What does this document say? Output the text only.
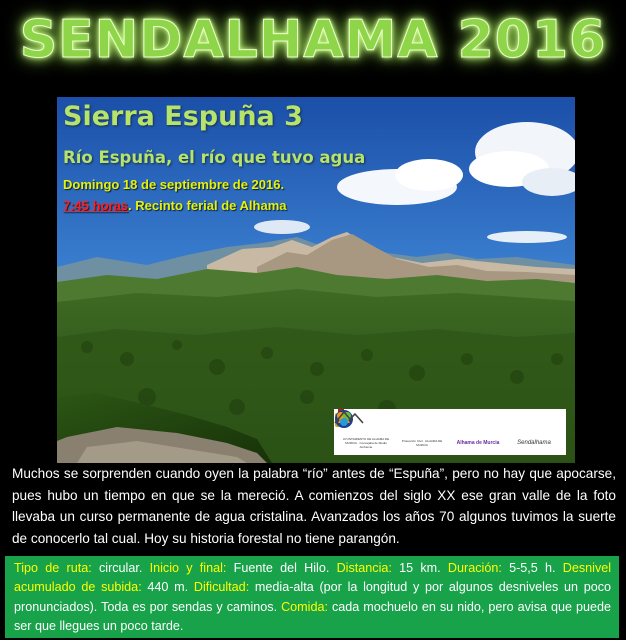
SENDALHAMA 2016
Sierra Espuña 3
Río Espuña, el río que tuvo agua
Domingo 18 de septiembre de 2016.
7:45 horas. Recinto ferial de Alhama
AYUNTAMIENTO DE ALHAMA DE MURCIA · Concejalía de Medio Ambiente
Protección Civil · ALHAMA DE MURCIA	Alhama de Murcia	Sendalhama
Muchos se sorprenden cuando oyen la palabra “río” antes de “Espuña”, pero no hay que apocarse, pues hubo un tiempo en que se la mereció. A comienzos del siglo XX ese gran valle de la foto llevaba un curso permanente de agua cristalina. Avanzados los años 70 algunos tuvimos la suerte de conocerlo tal cual. Hoy su historia forestal no tiene parangón.
Tipo de ruta: circular. Inicio y final: Fuente del Hilo. Distancia: 15 km. Duración: 5-5,5 h. Desnivel acumulado de subida: 440 m. Dificultad: media-alta (por la longitud y por algunos desniveles un poco pronunciados). Toda es por sendas y caminos. Comida: cada mochuelo en su nido, pero avisa que puede ser que llegues un poco tarde.
